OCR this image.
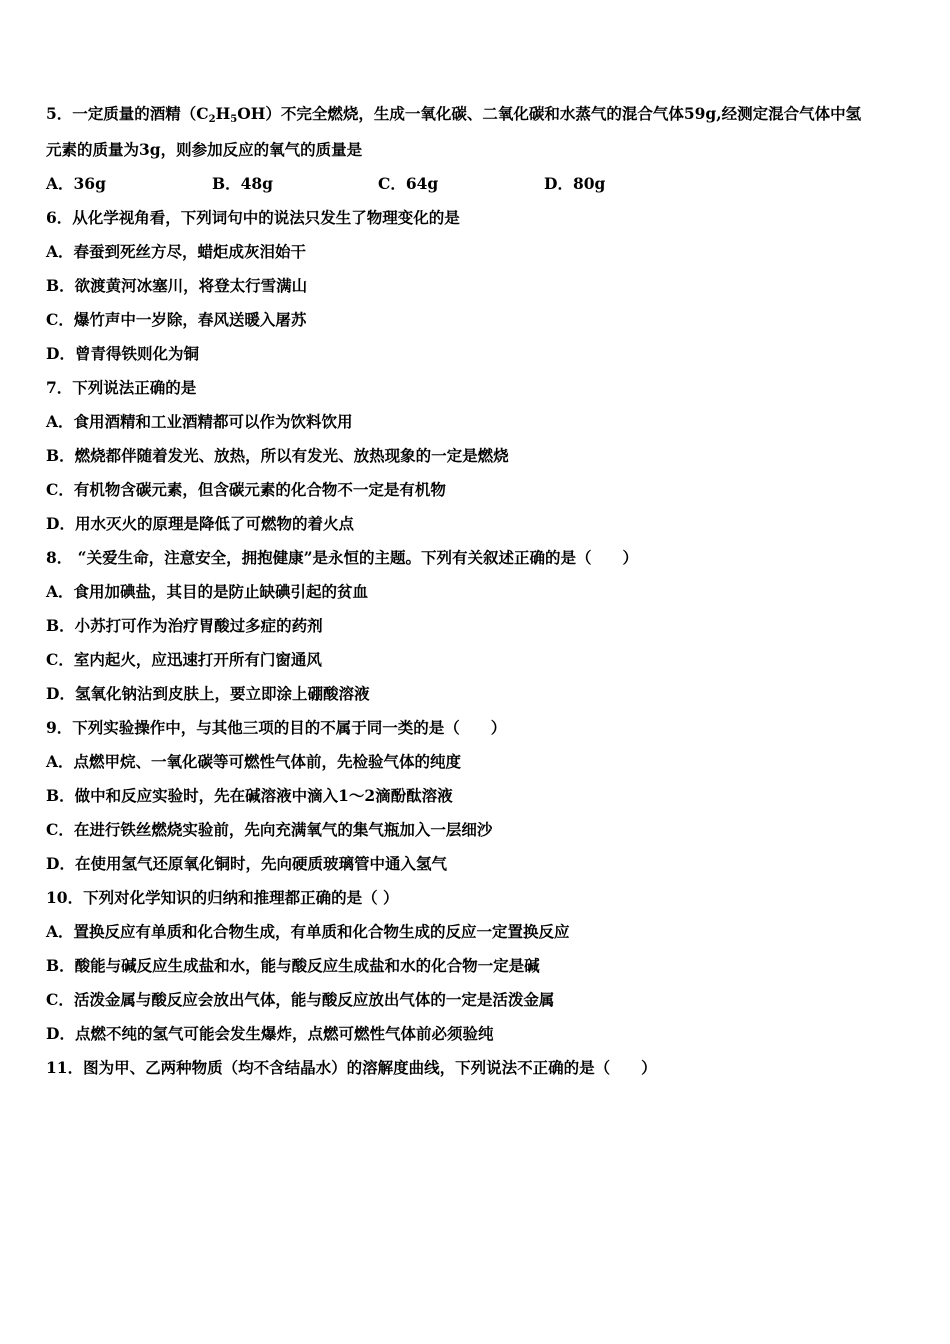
5．一定质量的酒精$(C_2H_5OH)$不完全燃烧，生成一氧化碳、二氧化碳和水蒸气的混合气体59g,经测定混合气体中氢
元素的质量为3g，则参加反应的氧气的质量是
A．36g	B．48g	C．64g	D．80g
6．从化学视角看，下列词句中的说法只发生了物理变化的是
A．春蚕到死丝方尽，蜡炬成灰泪始干
B．欲渡黄河冰塞川，将登太行雪满山
C．爆竹声中一岁除，春风送暖入屠苏
D．曾青得铁则化为铜
7．下列说法正确的是
A．食用酒精和工业酒精都可以作为饮料饮用
B．燃烧都伴随着发光、放热，所以有发光、放热现象的一定是燃烧
C．有机物含碳元素，但含碳元素的化合物不一定是有机物
D．用水灭火的原理是降低了可燃物的着火点
8． “关爱生命，注意安全，拥抱健康”是永恒的主题。下列有关叙述正确的是（　　）
A．食用加碘盐，其目的是防止缺碘引起的贫血
B．小苏打可作为治疗胃酸过多症的药剂
C．室内起火，应迅速打开所有门窗通风
D．氢氧化钠沾到皮肤上，要立即涂上硼酸溶液
9．下列实验操作中，与其他三项的目的不属于同一类的是（　　）
A．点燃甲烷、一氧化碳等可燃性气体前，先检验气体的纯度
B．做中和反应实验时，先在碱溶液中滴入1～2滴酚酞溶液
C．在进行铁丝燃烧实验前，先向充满氧气的集气瓶加入一层细沙
D．在使用氢气还原氧化铜时，先向硬质玻璃管中通入氢气
10．下列对化学知识的归纳和推理都正确的是（ ）
A．置换反应有单质和化合物生成，有单质和化合物生成的反应一定置换反应
B．酸能与碱反应生成盐和水，能与酸反应生成盐和水的化合物一定是碱
C．活泼金属与酸反应会放出气体，能与酸反应放出气体的一定是活泼金属
D．点燃不纯的氢气可能会发生爆炸，点燃可燃性气体前必须验纯
11．图为甲、乙两种物质（均不含结晶水）的溶解度曲线，下列说法不正确的是（　　）
